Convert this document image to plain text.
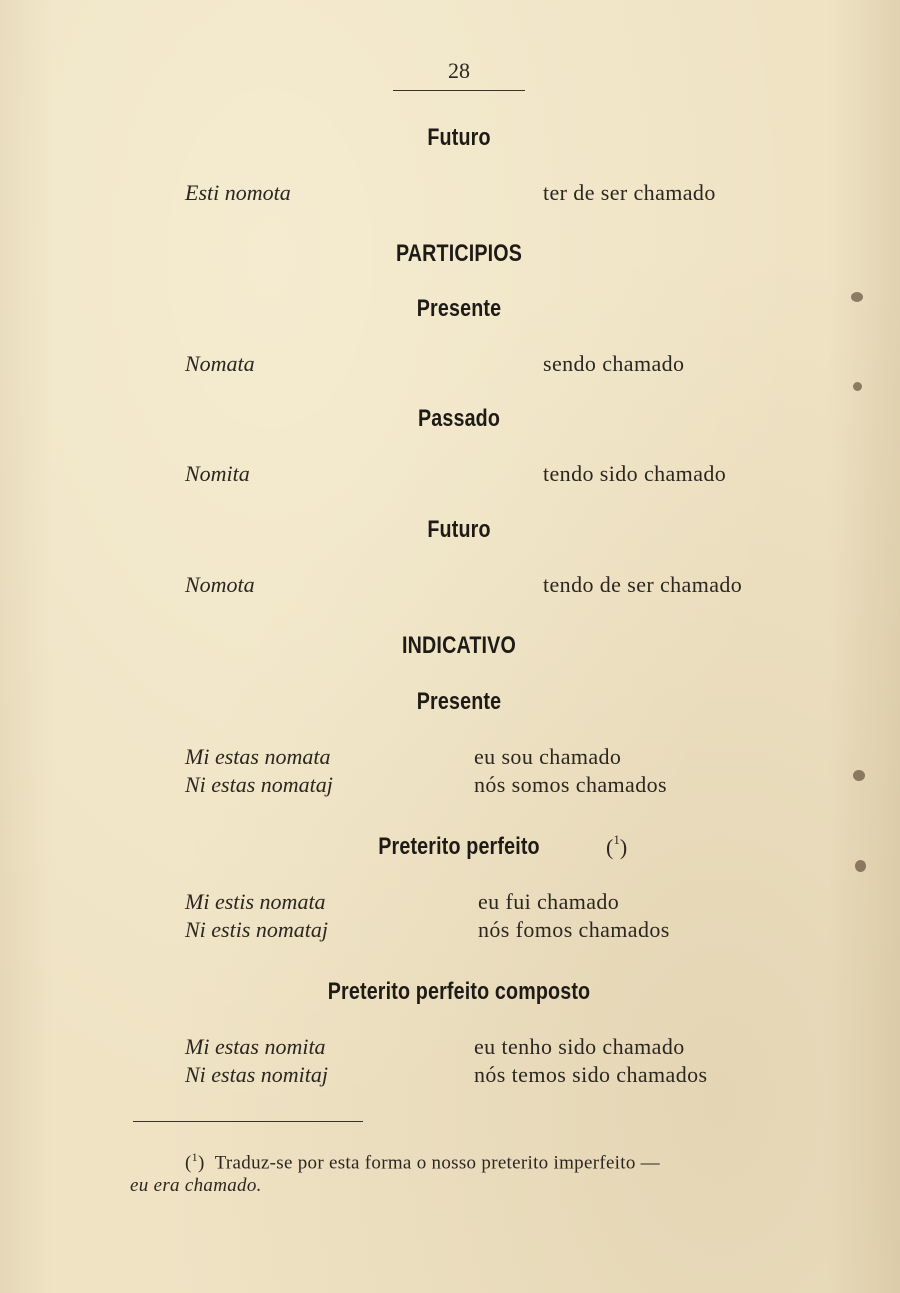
28
Futuro
Esti nomota	ter de ser chamado
PARTICIPIOS
Presente
Nomata	sendo chamado
Passado
Nomita	tendo sido chamado
Futuro
Nomota	tendo de ser chamado
INDICATIVO
Presente
Mi estas nomata	eu sou chamado
Ni estas nomataj	nós somos chamados
Preterito perfeito	($^1$)
Mi estis nomata	eu fui chamado
Ni estis nomataj	nós fomos chamados
Preterito perfeito composto
Mi estas nomita	eu tenho sido chamado
Ni estas nomitaj	nós temos sido chamados
($^1$)  Traduz-se por esta forma o nosso preterito imperfeito —
eu era chamado.
